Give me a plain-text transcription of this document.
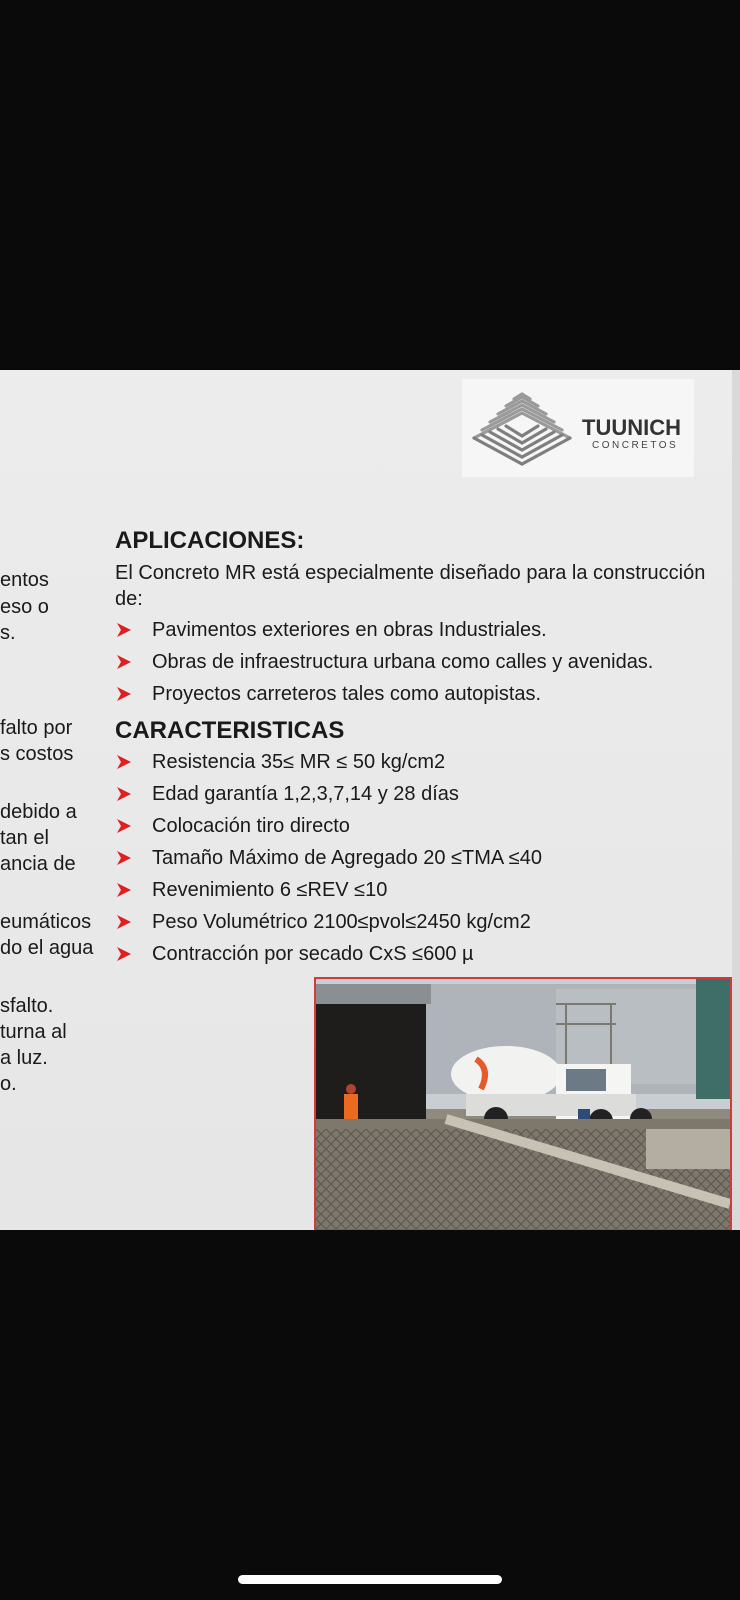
entos
eso o
s.
falto por
s costos
debido a
tan el
ancia de
eumáticos
do el agua
sfalto.
turna al
a luz.
o.
TUUNICH
CONCRETOS
APLICACIONES:

El Concreto MR está especialmente diseñado para la construcción de:

Pavimentos exteriores en obras Industriales.
Obras de infraestructura urbana como calles y avenidas.
Proyectos carreteros tales como autopistas.
CARACTERISTICAS
Resistencia 35≤ MR ≤ 50 kg/cm2
Edad garantía 1,2,3,7,14 y 28 días
Colocación tiro directo
Tamaño Máximo de Agregado 20 ≤TMA ≤40
Revenimiento 6 ≤REV ≤10
Peso Volumétrico 2100≤pvol≤2450 kg/cm2
Contracción por secado CxS ≤600 µ
